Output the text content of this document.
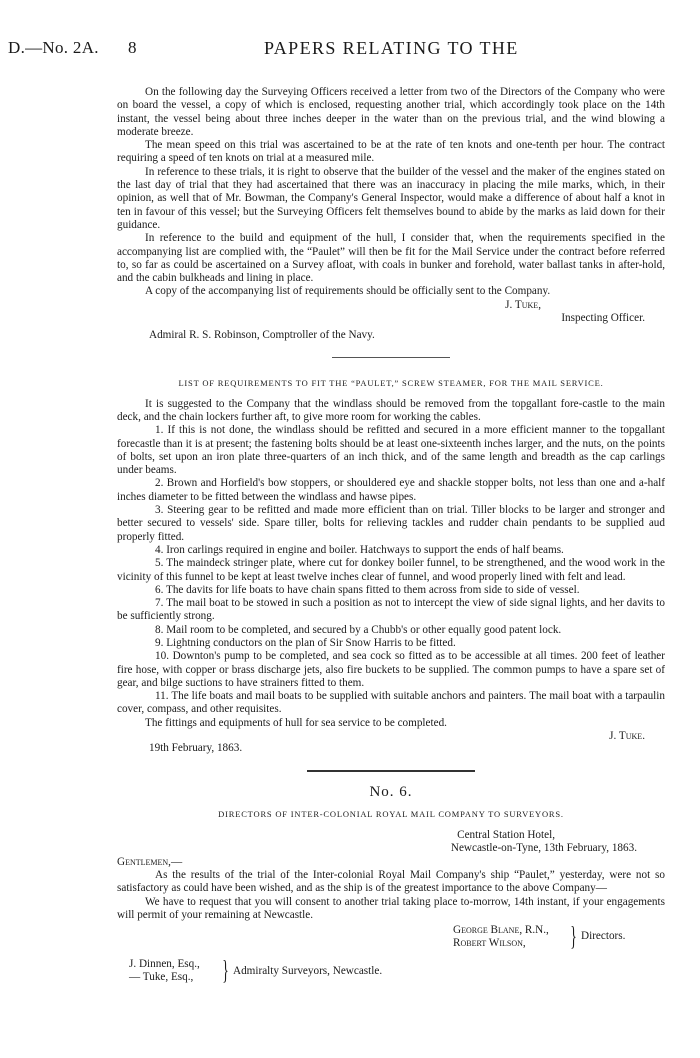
D.—No. 2A. 8	PAPERS RELATING TO THE

On the following day the Surveying Officers received a letter from two of the Directors of the Company who were on board the vessel, a copy of which is enclosed, requesting another trial, which accordingly took place on the 14th instant, the vessel being about three inches deeper in the water than on the previous trial, and the wind blowing a moderate breeze.

The mean speed on this trial was ascertained to be at the rate of ten knots and one-tenth per hour. The contract requiring a speed of ten knots on trial at a measured mile.

In reference to these trials, it is right to observe that the builder of the vessel and the maker of the engines stated on the last day of trial that they had ascertained that there was an inaccuracy in placing the mile marks, which, in their opinion, as well that of Mr. Bowman, the Company's General Inspector, would make a difference of about half a knot in ten in favour of this vessel; but the Surveying Officers felt themselves bound to abide by the marks as laid down for their guidance.

In reference to the build and equipment of the hull, I consider that, when the requirements specified in the accompanying list are complied with, the “Paulet” will then be fit for the Mail Service under the contract before referred to, so far as could be ascertained on a Survey afloat, with coals in bunker and forehold, water ballast tanks in after-hold, and the cabin bulkheads and lining in place.

A copy of the accompanying list of requirements should be officially sent to the Company.

J. Tuke,
Inspecting Officer.
Admiral R. S. Robinson, Comptroller of the Navy.
LIST OF REQUIREMENTS TO FIT THE “PAULET,” SCREW STEAMER, FOR THE MAIL SERVICE.

It is suggested to the Company that the windlass should be removed from the topgallant fore-castle to the main deck, and the chain lockers further aft, to give more room for working the cables.

1. If this is not done, the windlass should be refitted and secured in a more efficient manner to the topgallant forecastle than it is at present; the fastening bolts should be at least one-sixteenth inches larger, and the nuts, on the points of bolts, set upon an iron plate three-quarters of an inch thick, and of the same length and breadth as the cap carlings under beams.

2. Brown and Horfield's bow stoppers, or shouldered eye and shackle stopper bolts, not less than one and a-half inches diameter to be fitted between the windlass and hawse pipes.

3. Steering gear to be refitted and made more efficient than on trial. Tiller blocks to be larger and stronger and better secured to vessels' side. Spare tiller, bolts for relieving tackles and rudder chain pendants to be supplied aud properly fitted.

4. Iron carlings required in engine and boiler. Hatchways to support the ends of half beams.

5. The maindeck stringer plate, where cut for donkey boiler funnel, to be strengthened, and the wood work in the vicinity of this funnel to be kept at least twelve inches clear of funnel, and wood properly lined with felt and lead.

6. The davits for life boats to have chain spans fitted to them across from side to side of vessel.

7. The mail boat to be stowed in such a position as not to intercept the view of side signal lights, and her davits to be sufficiently strong.

8. Mail room to be completed, and secured by a Chubb's or other equally good patent lock.

9. Lightning conductors on the plan of Sir Snow Harris to be fitted.

10. Downton's pump to be completed, and sea cock so fitted as to be accessible at all times. 200 feet of leather fire hose, with copper or brass discharge jets, also fire buckets to be supplied. The common pumps to have a spare set of gear, and bilge suctions to have strainers fitted to them.

11. The life boats and mail boats to be supplied with suitable anchors and painters. The mail boat with a tarpaulin cover, compass, and other requisites.

The fittings and equipments of hull for sea service to be completed.

19th February, 1863.
J. Tuke.
No. 6.
DIRECTORS OF INTER-COLONIAL ROYAL MAIL COMPANY TO SURVEYORS.
Central Station Hotel,
Newcastle-on-Tyne, 13th February, 1863.
Gentlemen,—

As the results of the trial of the Inter-colonial Royal Mail Company's ship “Paulet,” yesterday, were not so satisfactory as could have been wished, and as the ship is of the greatest importance to the above Company—

We have to request that you will consent to another trial taking place to-morrow, 14th instant, if your engagements will permit of your remaining at Newcastle.

George Blane, R.N.,
Robert Wilson,	} Directors.
J. Dinnen, Esq.,
— Tuke, Esq., } Admiralty Surveyors, Newcastle.
